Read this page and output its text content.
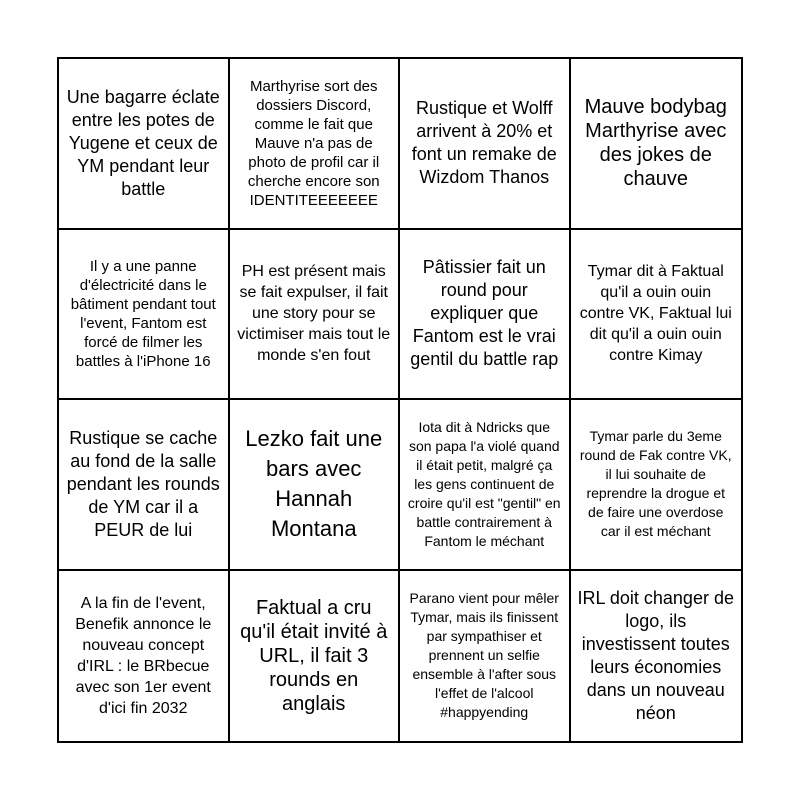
Une bagarre éclate entre les potes de Yugene et ceux de YM pendant leur battle
Marthyrise sort des dossiers Discord, comme le fait que Mauve n'a pas de photo de profil car il cherche encore son IDENTITEEEEEEE
Rustique et Wolff arrivent à 20% et font un remake de Wizdom Thanos
Mauve bodybag Marthyrise avec des jokes de chauve
Il y a une panne d'électricité dans le bâtiment pendant tout l'event, Fantom est forcé de filmer les battles à l'iPhone 16
PH est présent mais se fait expulser, il fait une story pour se victimiser mais tout le monde s'en fout
Pâtissier fait un round pour expliquer que Fantom est le vrai gentil du battle rap
Tymar dit à Faktual qu'il a ouin ouin contre VK, Faktual lui dit qu'il a ouin ouin contre Kimay
Rustique se cache au fond de la salle pendant les rounds de YM car il a PEUR de lui
Lezko fait une bars avec Hannah Montana
Iota dit à Ndricks que son papa l'a violé quand il était petit, malgré ça les gens continuent de croire qu'il est "gentil" en battle contrairement à Fantom le méchant
Tymar parle du 3eme round de Fak contre VK, il lui souhaite de reprendre la drogue et de faire une overdose car il est méchant
A la fin de l'event, Benefik annonce le nouveau concept d'IRL : le BRbecue avec son 1er event d'ici fin 2032
Faktual a cru qu'il était invité à URL, il fait 3 rounds en anglais
Parano vient pour mêler Tymar, mais ils finissent par sympathiser et prennent un selfie ensemble à l'after sous l'effet de l'alcool #happyending
IRL doit changer de logo, ils investissent toutes leurs économies dans un nouveau néon
